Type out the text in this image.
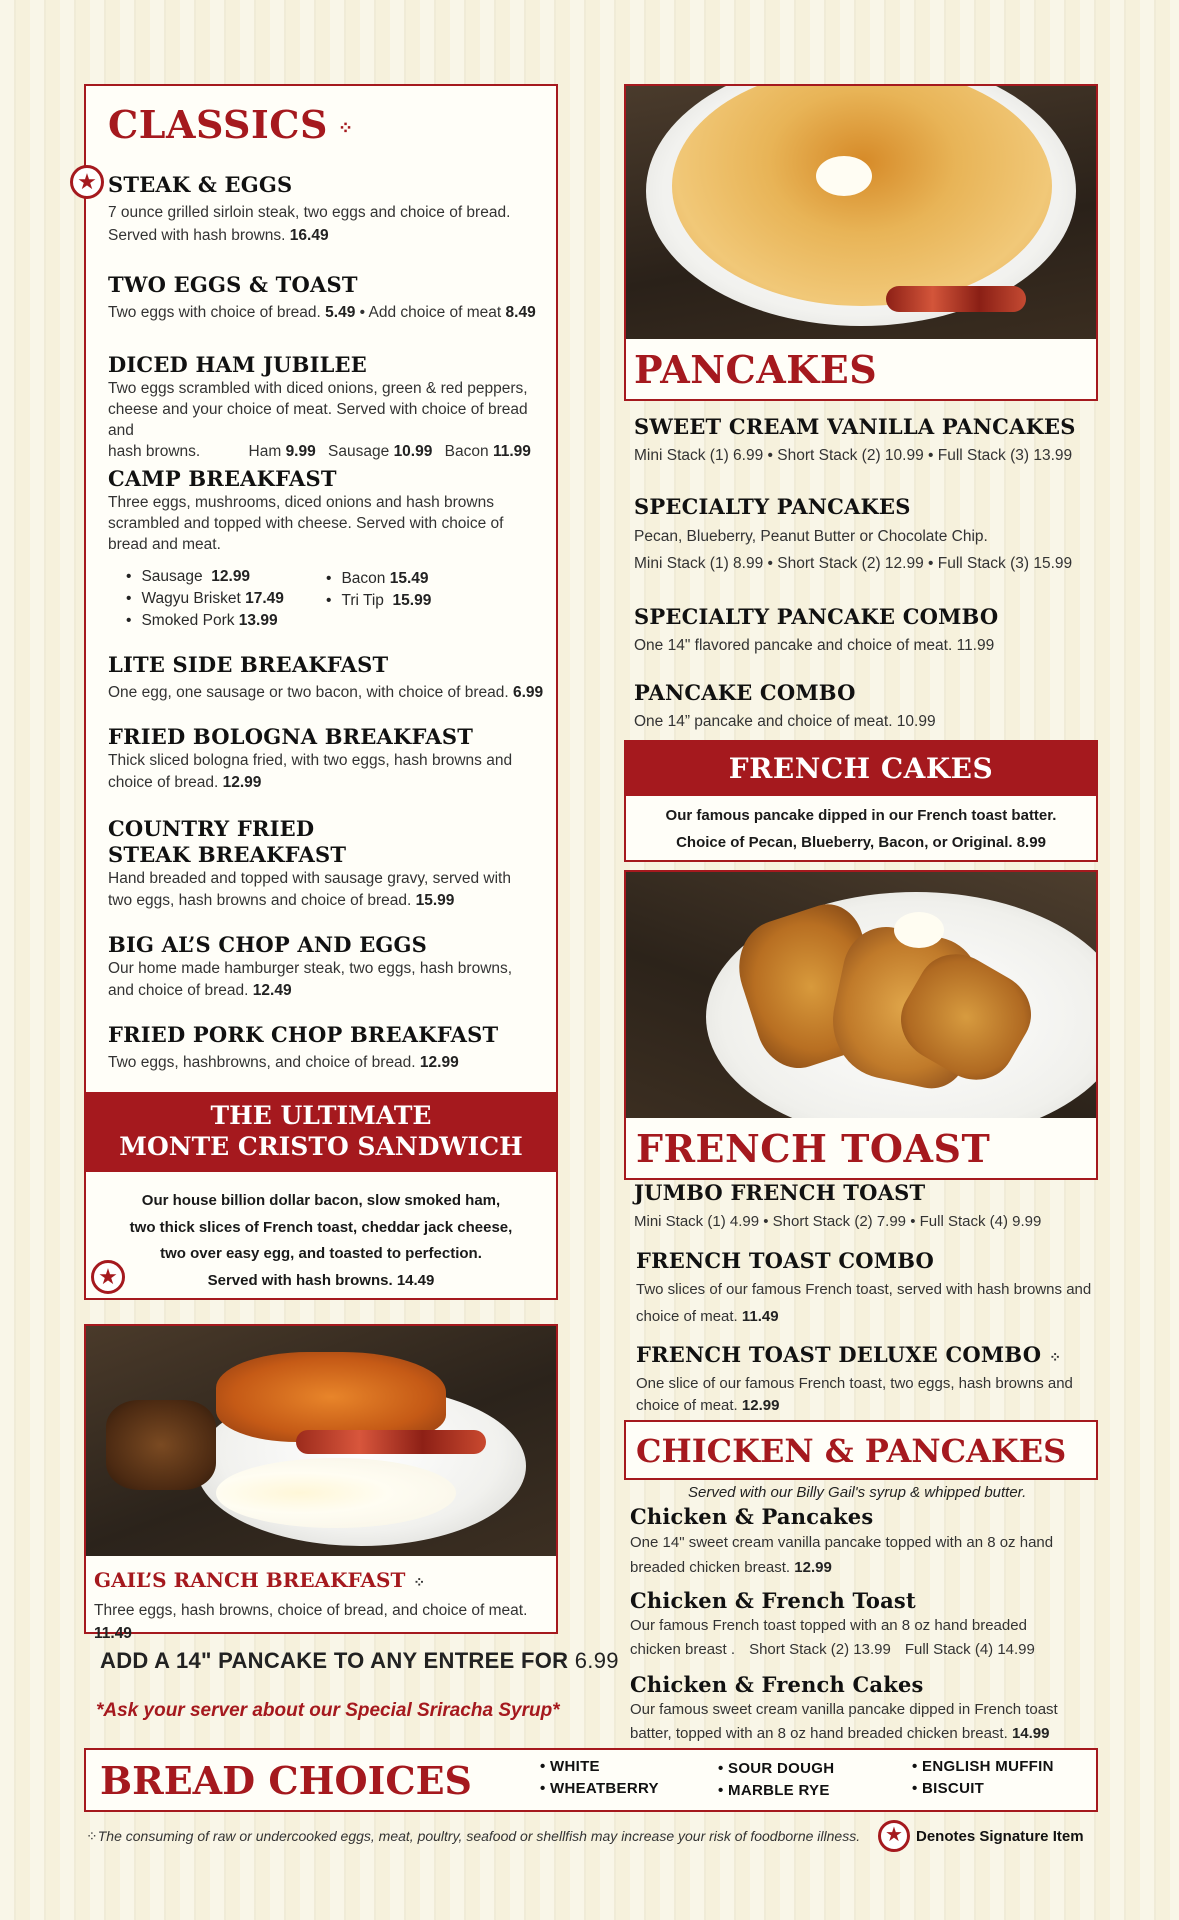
CLASSICS ⁘
★ STEAK & EGGS
7 ounce grilled sirloin steak, two eggs and choice of bread.
Served with hash browns. 16.49
TWO EGGS & TOAST
Two eggs with choice of bread. 5.49 • Add choice of meat 8.49
DICED HAM JUBILEE
Two eggs scrambled with diced onions, green & red peppers, cheese and your choice of meat. Served with choice of bread and
hash browns.	Ham 9.99 Sausage 10.99 Bacon 11.99
CAMP BREAKFAST
Three eggs, mushrooms, diced onions and hash browns scrambled and topped with cheese. Served with choice of bread and meat.
• Sausage 12.99
• Wagyu Brisket 17.49
• Smoked Pork 13.99
• Bacon 15.49
• Tri Tip 15.99
LITE SIDE BREAKFAST
One egg, one sausage or two bacon, with choice of bread. 6.99
FRIED BOLOGNA BREAKFAST
Thick sliced bologna fried, with two eggs, hash browns and choice of bread. 12.99
COUNTRY FRIED
STEAK BREAKFAST
Hand breaded and topped with sausage gravy, served with two eggs, hash browns and choice of bread. 15.99
BIG AL’S CHOP AND EGGS
Our home made hamburger steak, two eggs, hash browns, and choice of bread. 12.49
FRIED PORK CHOP BREAKFAST
Two eggs, hashbrowns, and choice of bread. 12.99
THE ULTIMATE
MONTE CRISTO SANDWICH
Our house billion dollar bacon, slow smoked ham,
two thick slices of French toast, cheddar jack cheese,
two over easy egg, and toasted to perfection.
Served with hash browns. 14.49
★
GAIL’S RANCH BREAKFAST ⁘
Three eggs, hash browns, choice of bread, and choice of meat. 11.49
ADD A 14" PANCAKE TO ANY ENTREE FOR 6.99
*Ask your server about our Special Sriracha Syrup*
PANCAKES
SWEET CREAM VANILLA PANCAKES
Mini Stack (1) 6.99 • Short Stack (2) 10.99 • Full Stack (3) 13.99
SPECIALTY PANCAKES
Pecan, Blueberry, Peanut Butter or Chocolate Chip.
Mini Stack (1) 8.99 • Short Stack (2) 12.99 • Full Stack (3) 15.99
SPECIALTY PANCAKE COMBO
One 14" flavored pancake and choice of meat. 11.99
PANCAKE COMBO
One 14” pancake and choice of meat. 10.99
FRENCH CAKES
Our famous pancake dipped in our French toast batter.
Choice of Pecan, Blueberry, Bacon, or Original. 8.99
FRENCH TOAST
JUMBO FRENCH TOAST
Mini Stack (1) 4.99 • Short Stack (2) 7.99 • Full Stack (4) 9.99
FRENCH TOAST COMBO
Two slices of our famous French toast, served with hash browns and
choice of meat. 11.49
FRENCH TOAST DELUXE COMBO ⁘
One slice of our famous French toast, two eggs, hash browns and
choice of meat. 12.99
CHICKEN & PANCAKES
Served with our Billy Gail's syrup & whipped butter.
Chicken & Pancakes
One 14" sweet cream vanilla pancake topped with an 8 oz hand
breaded chicken breast. 12.99
Chicken & French Toast
Our famous French toast topped with an 8 oz hand breaded
chicken breast . Short Stack (2) 13.99 Full Stack (4) 14.99
Chicken & French Cakes
Our famous sweet cream vanilla pancake dipped in French toast
batter, topped with an 8 oz hand breaded chicken breast. 14.99
BREAD CHOICES	• WHITE
• WHEATBERRY
• SOUR DOUGH
• MARBLE RYE
• ENGLISH MUFFIN
• BISCUIT
⁘The consuming of raw or undercooked eggs, meat, poultry, seafood or shellfish may increase your risk of foodborne illness.	★ Denotes Signature Item
